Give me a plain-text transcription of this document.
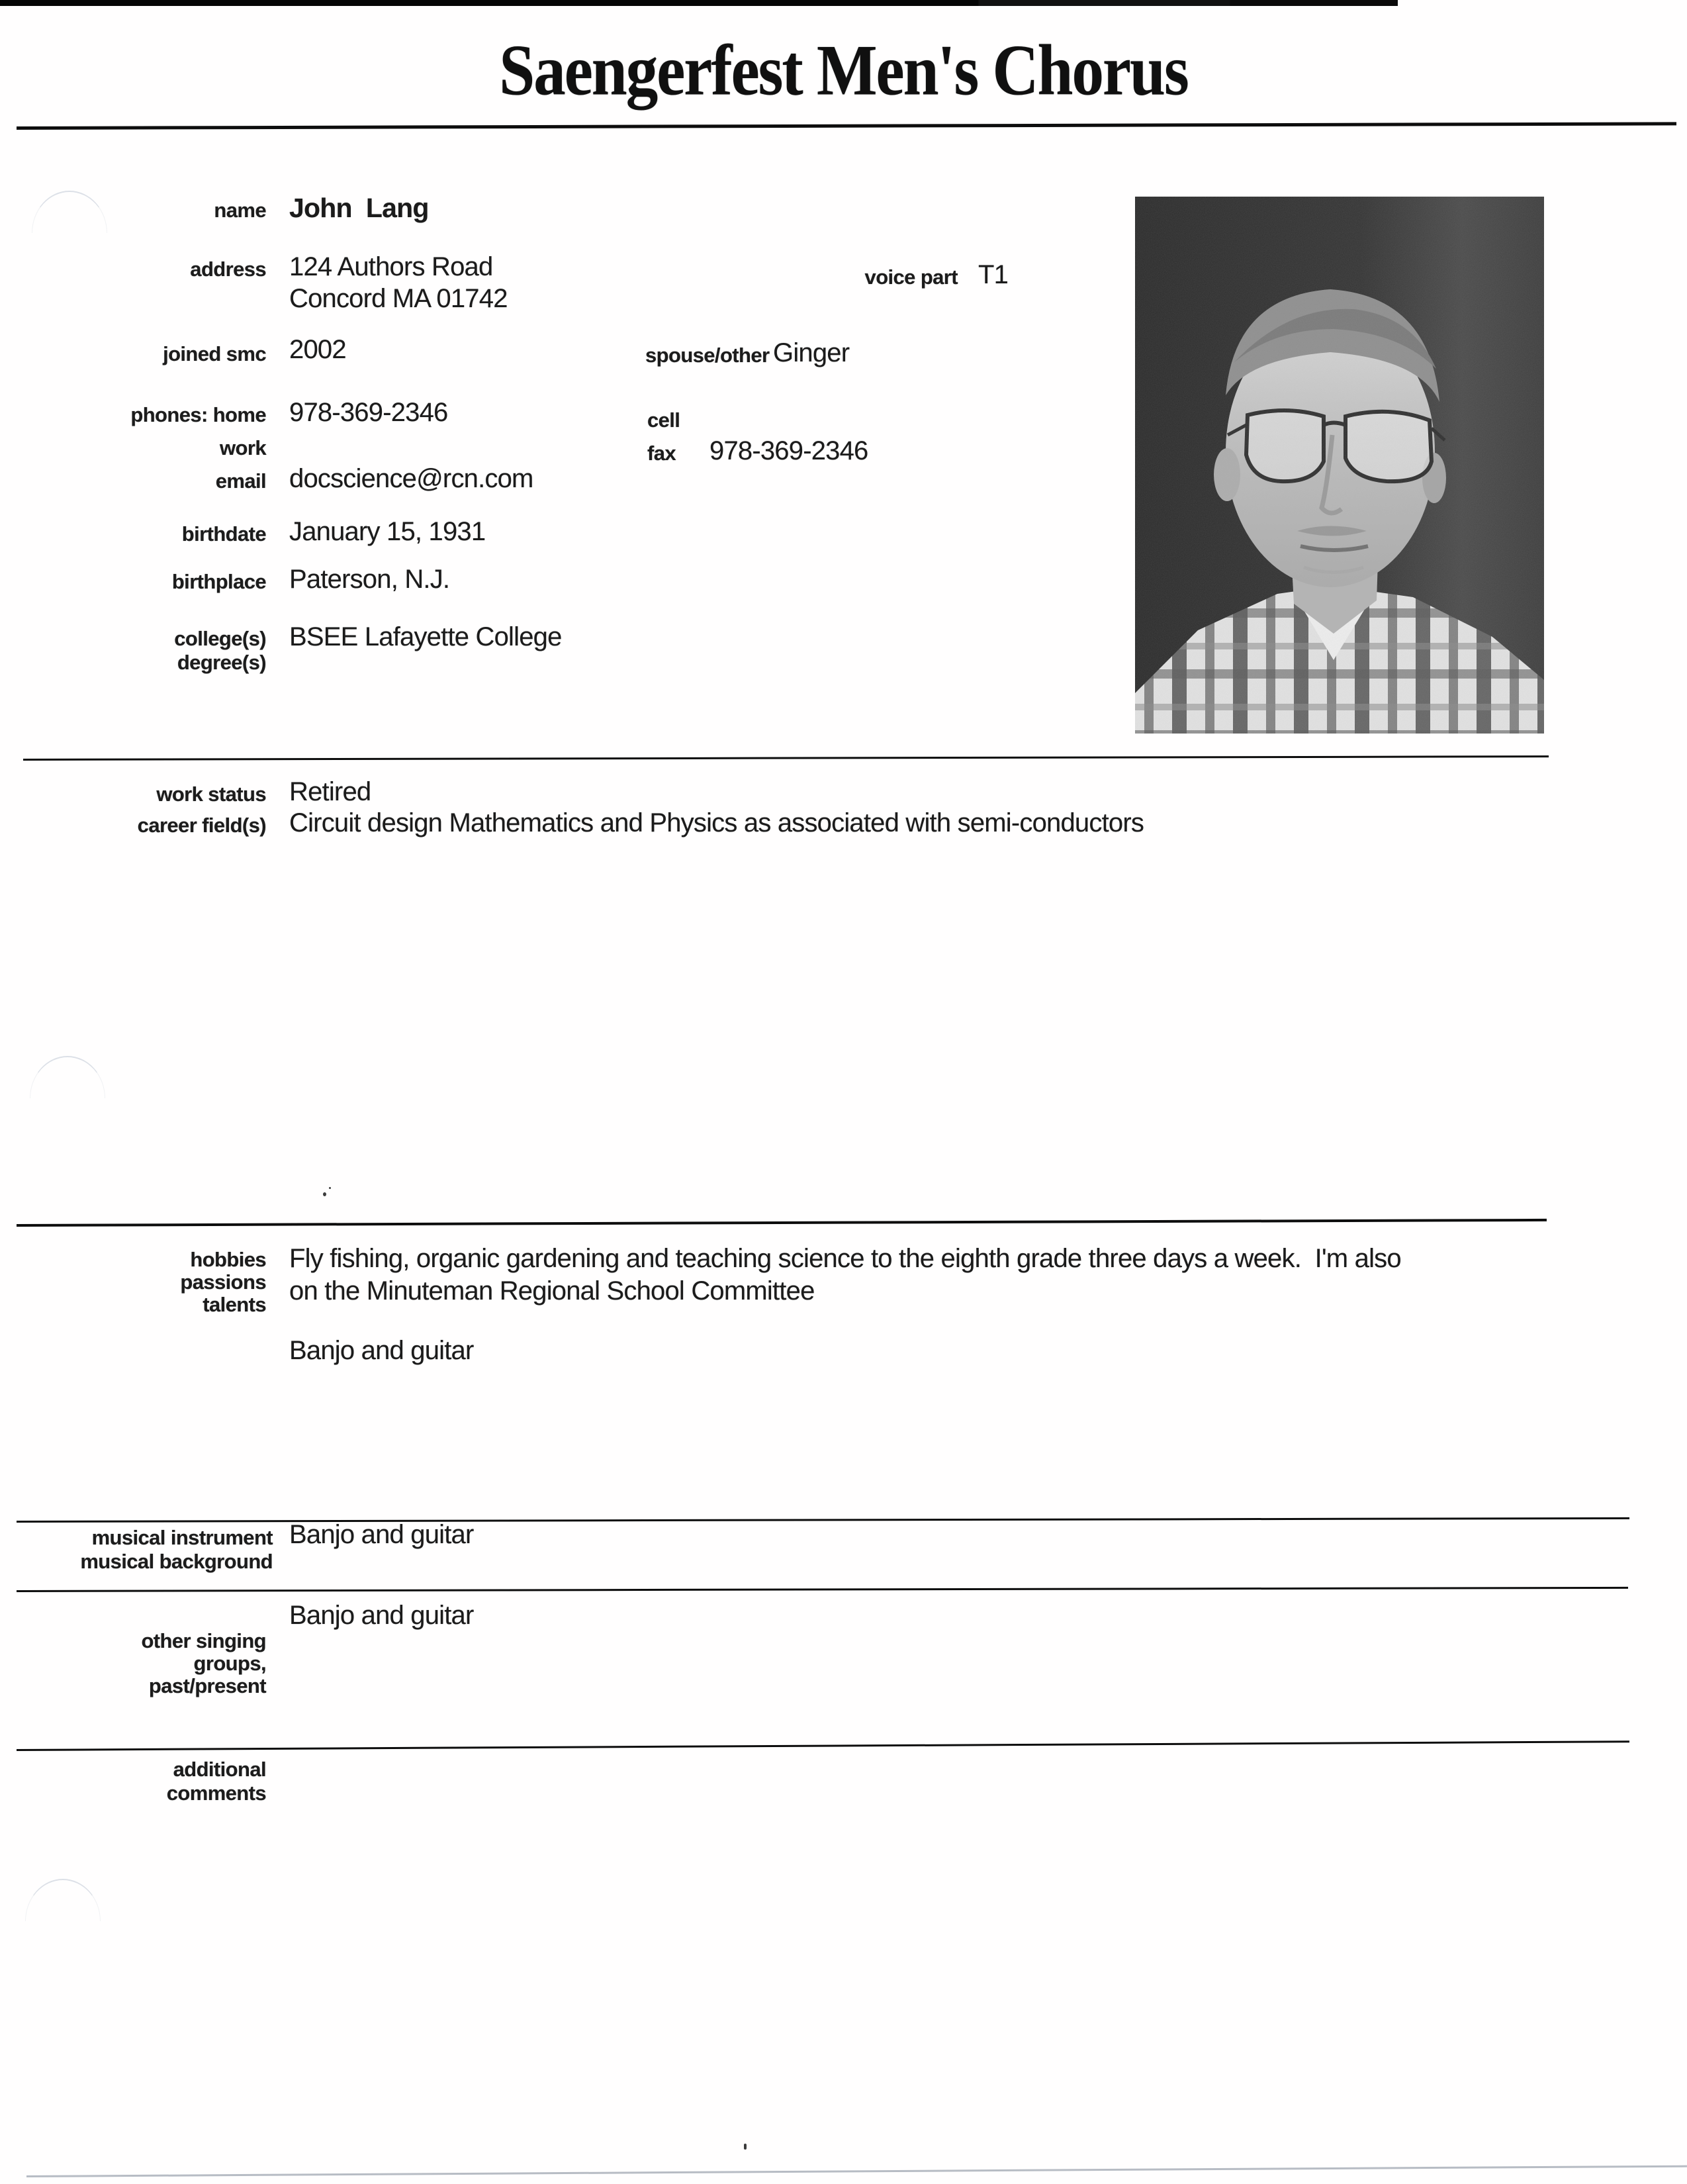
Saengerfest Men's Chorus
name
address
joined smc
phones: home
work
email
birthdate
birthplace
college(s)
degree(s)
John  Lang
124 Authors Road
Concord MA 01742
2002
978-369-2346
docscience@rcn.com
January 15, 1931
Paterson, N.J.
BSEE Lafayette College
voice part T1
spouse/other Ginger
cell
fax 978-369-2346
work status Retired
career field(s) Circuit design Mathematics and Physics as associated with semi-conductors
hobbies
passions
talents
Fly fishing, organic gardening and teaching science to the eighth grade three days a week.  I'm also
on the Minuteman Regional School Committee
Banjo and guitar
musical instrument
musical background
Banjo and guitar
Banjo and guitar
other singing
groups,
past/present
additional
comments
